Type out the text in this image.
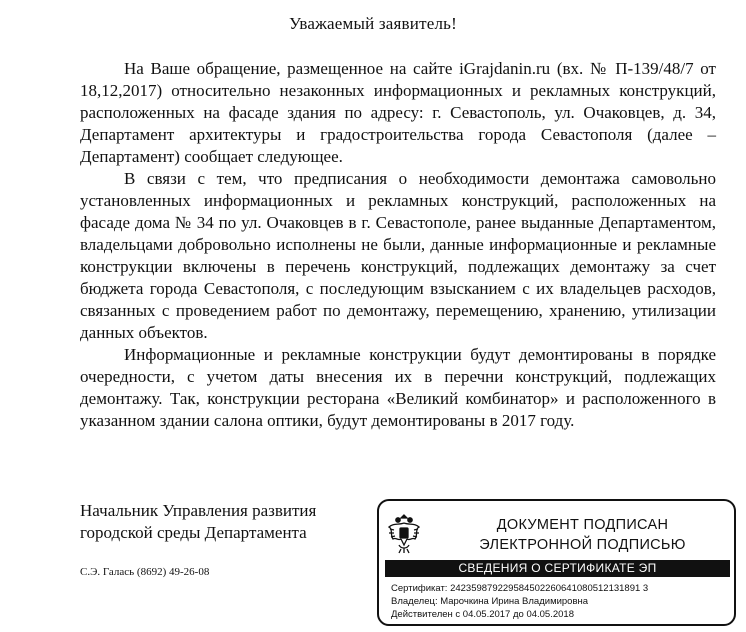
Уважаемый заявитель!

На Ваше обращение, размещенное на сайте iGrajdanin.ru (вх. № П-139/48/7 от 18,12,2017) относительно незаконных информационных и рекламных конструкций, расположенных на фасаде здания по адресу: г. Севастополь, ул. Очаковцев, д. 34, Департамент архитектуры и градостроительства города Севастополя (далее – Департамент) сообщает следующее.

В связи с тем, что предписания о необходимости демонтажа самовольно установленных информационных и рекламных конструкций, расположенных на фасаде дома № 34 по ул. Очаковцев в г. Севастополе, ранее выданные Департаментом, владельцами добровольно исполнены не были, данные информационные и рекламные конструкции включены в перечень конструкций, подлежащих демонтажу за счет бюджета города Севастополя, с последующим взысканием с их владельцев расходов, связанных с проведением работ по демонтажу, перемещению, хранению, утилизации данных объектов.

Информационные и рекламные конструкции будут демонтированы в порядке очередности, с учетом даты внесения их в перечни конструкций, подлежащих демонтажу. Так, конструкции ресторана «Великий комбинатор» и расположенного в указанном здании салона оптики, будут демонтированы в 2017 году.

Начальник Управления развития
городской среды Департамента
С.Э. Галась (8692) 49-26-08
ДОКУМЕНТ ПОДПИСАН
ЭЛЕКТРОННОЙ ПОДПИСЬЮ
СВЕДЕНИЯ О СЕРТИФИКАТЕ ЭП
Сертификат: 242359879229584502260641080512131891 3
Владелец: Марочкина Ирина Владимировна
Действителен с 04.05.2017 до 04.05.2018
